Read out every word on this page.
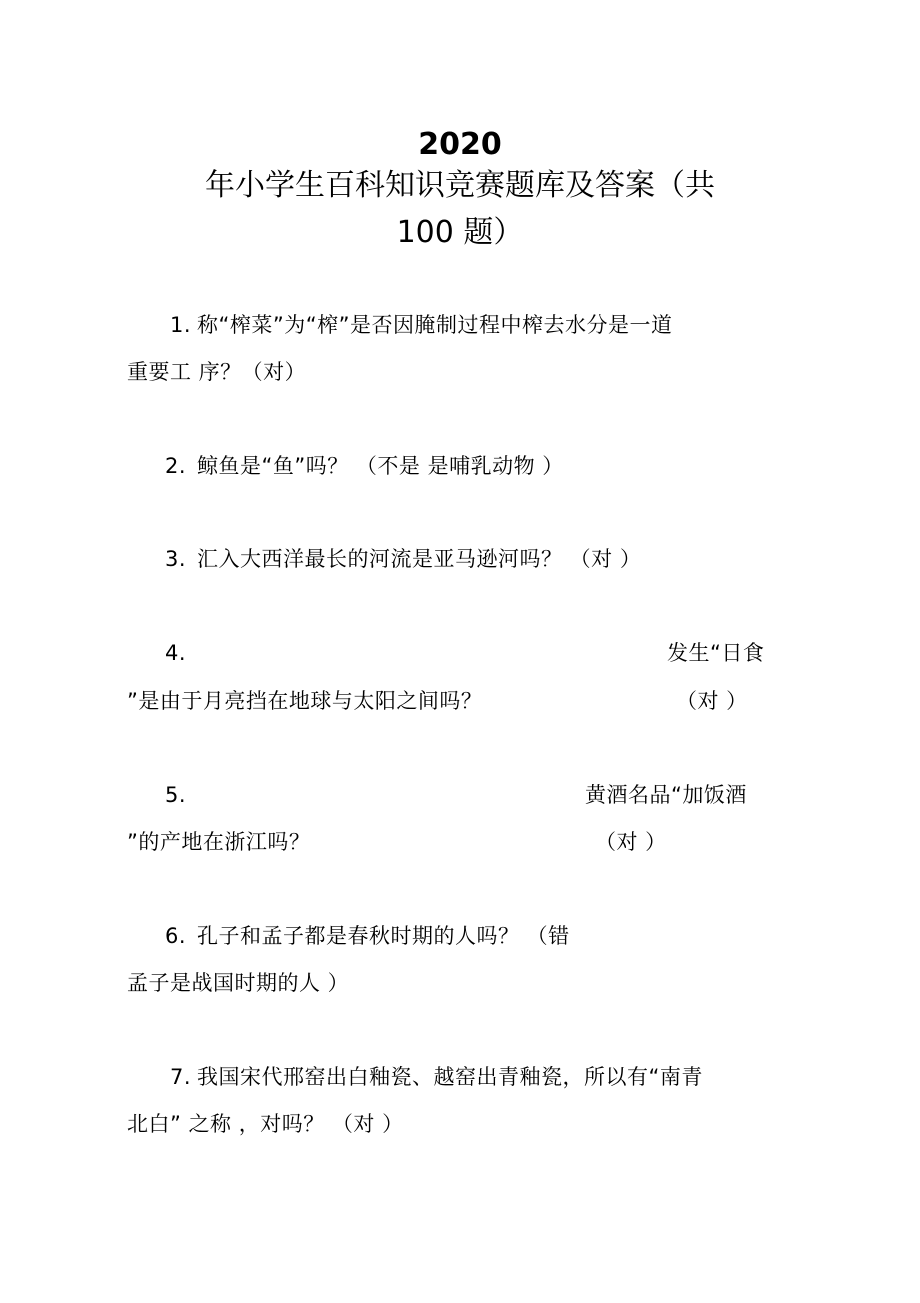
2020
年小学生百科知识竞赛题库及答案（共
100 题）
1. 称“榨菜”为“榨”是否因腌制过程中榨去水分是一道
重要工 序？（对）
2. 鲸鱼是“鱼”吗？ （不是 是哺乳动物 ）
3. 汇入大西洋最长的河流是亚马逊河吗？ （对 ）
4.	发生“日食
”是由于月亮挡在地球与太阳之间吗？	（对 ）
5.	黄酒名品“加饭酒
”的产地在浙江吗？	（对 ）
6. 孔子和孟子都是春秋时期的人吗？ （错
孟子是战国时期的人 ）
7. 我国宋代邢窑出白釉瓷、越窑出青釉瓷，所以有“南青
北白” 之称 ，对吗？ （对 ）
